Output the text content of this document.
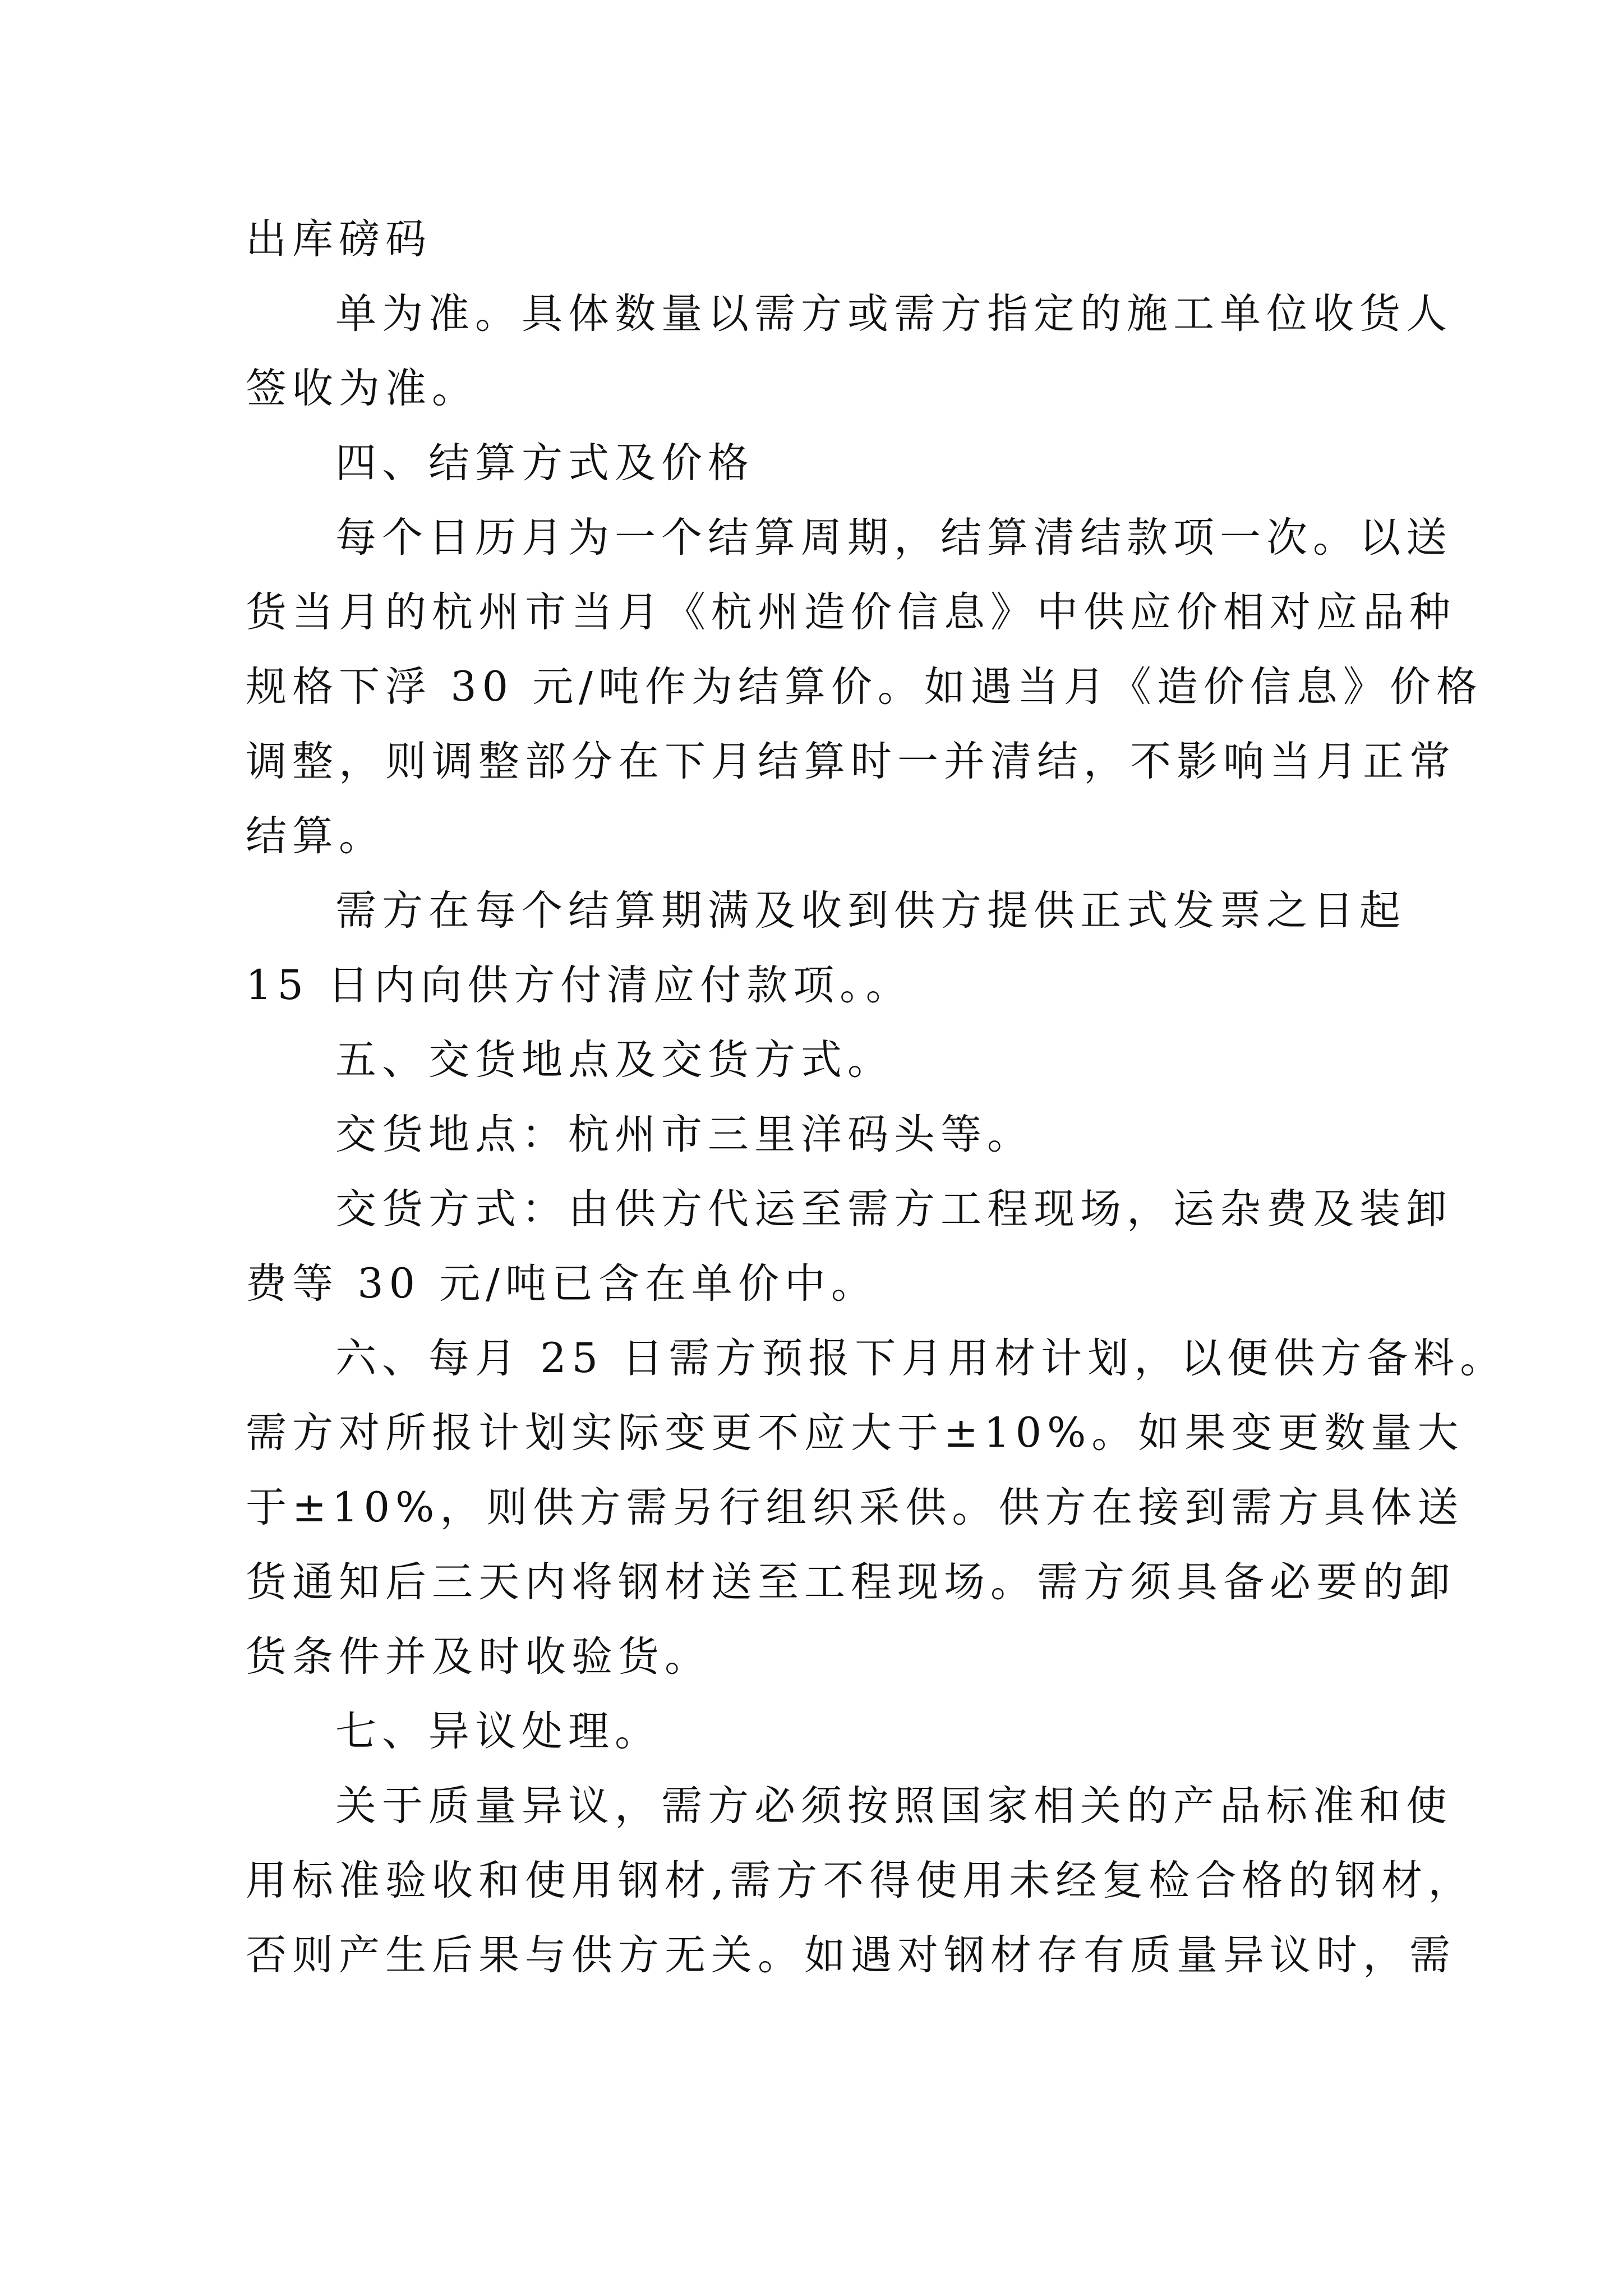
出库磅码
单为准。具体数量以需方或需方指定的施工单位收货人
签收为准。
四、结算方式及价格
每个日历月为一个结算周期，结算清结款项一次。以送
货当月的杭州市当月《杭州造价信息》中供应价相对应品种
规格下浮 30 元/吨作为结算价。如遇当月《造价信息》价格
调整，则调整部分在下月结算时一并清结，不影响当月正常
结算。
需方在每个结算期满及收到供方提供正式发票之日起
15 日内向供方付清应付款项。。
五、交货地点及交货方式。
交货地点：杭州市三里洋码头等。
交货方式：由供方代运至需方工程现场，运杂费及装卸
费等 30 元/吨已含在单价中。
六、每月 25 日需方预报下月用材计划，以便供方备料。
需方对所报计划实际变更不应大于±10%。如果变更数量大
于±10%，则供方需另行组织采供。供方在接到需方具体送
货通知后三天内将钢材送至工程现场。需方须具备必要的卸
货条件并及时收验货。
七、异议处理。
关于质量异议，需方必须按照国家相关的产品标准和使
用标准验收和使用钢材,需方不得使用未经复检合格的钢材，
否则产生后果与供方无关。如遇对钢材存有质量异议时，需
